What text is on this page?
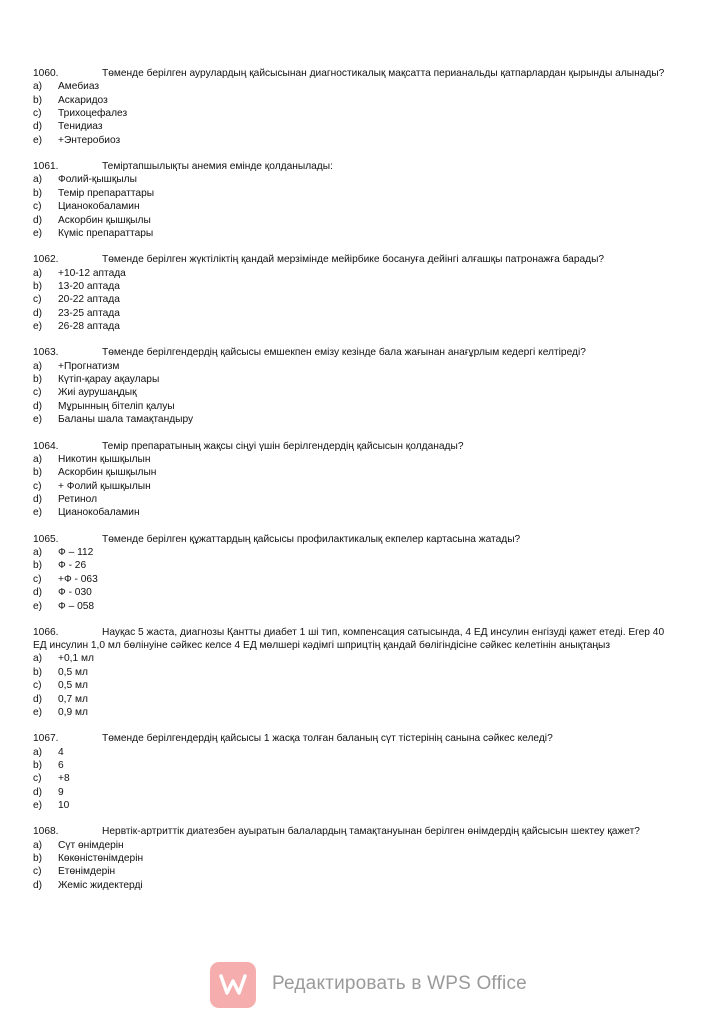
1060.	Төменде берілген аурулардың қайсысынан диагностикалық мақсатта перианальды қатпарлардан қырынды алынады?
a) Амебиаз
b) Аскаридоз
c) Трихоцефалез
d) Тенидиаз
e) +Энтеробиоз
1061.	Теміртапшылықты анемия емінде қолданылады:
a) Фолий-қышқылы
b) Темір препараттары
c) Цианокобаламин
d) Аскорбин қышқылы
e) Күміс препараттары
1062.	Төменде берілген жүктіліктің қандай мерзімінде мейірбике босануға дейінгі алғашқы патронажға барады?
a) +10-12 аптада
b) 13-20 аптада
c) 20-22 аптада
d) 23-25 аптада
e) 26-28 аптада
1063.	Төменде берілгендердің қайсысы емшекпен емізу кезінде бала жағынан анағұрлым кедергі келтіреді?
a) +Прогнатизм
b) Күтіп-қарау ақаулары
c) Жиі аурушаңдық
d) Мұрынның бітеліп қалуы
e) Баланы шала тамақтандыру
1064.	Темір препаратының жақсы сіңуі үшін берілгендердің қайсысын қолданады?
a) Никотин қышқылын
b) Аскорбин қышқылын
c) + Фолий қышқылын
d) Ретинол
e) Цианокобаламин
1065.	Төменде берілген құжаттардың қайсысы профилактикалық екпелер картасына жатады?
a) Ф – 112
b) Ф - 26
c) +Ф - 063
d) Ф - 030
e) Ф – 058
1066.	Науқас 5 жаста, диагнозы Қантты диабет 1 ші тип, компенсация сатысында, 4 ЕД инсулин енгізуді қажет етеді. Егер 40 ЕД инсулин 1,0 мл бөлінуіне сәйкес келсе 4 ЕД мөлшері кәдімгі шприцтің қандай бөлігіндісіне сәйкес келетінін анықтаңыз
a) +0,1 мл
b) 0,5 мл
c) 0,5 мл
d) 0,7 мл
e) 0,9 мл
1067.	Төменде берілгендердің қайсысы 1 жасқа толған баланың сүт тістерінің санына сәйкес келеді?
a) 4
b) 6
c) +8
d) 9
e) 10
1068.	Нервтік-артриттік диатезбен ауыратын балалардың тамақтануынан берілген өнімдердің қайсысын шектеу қажет?
a) Сүт өнімдерін
b) Көкөністөнімдерін
c) Етөнімдерін
d) Жеміс жидектерді
Редактировать в WPS Office
